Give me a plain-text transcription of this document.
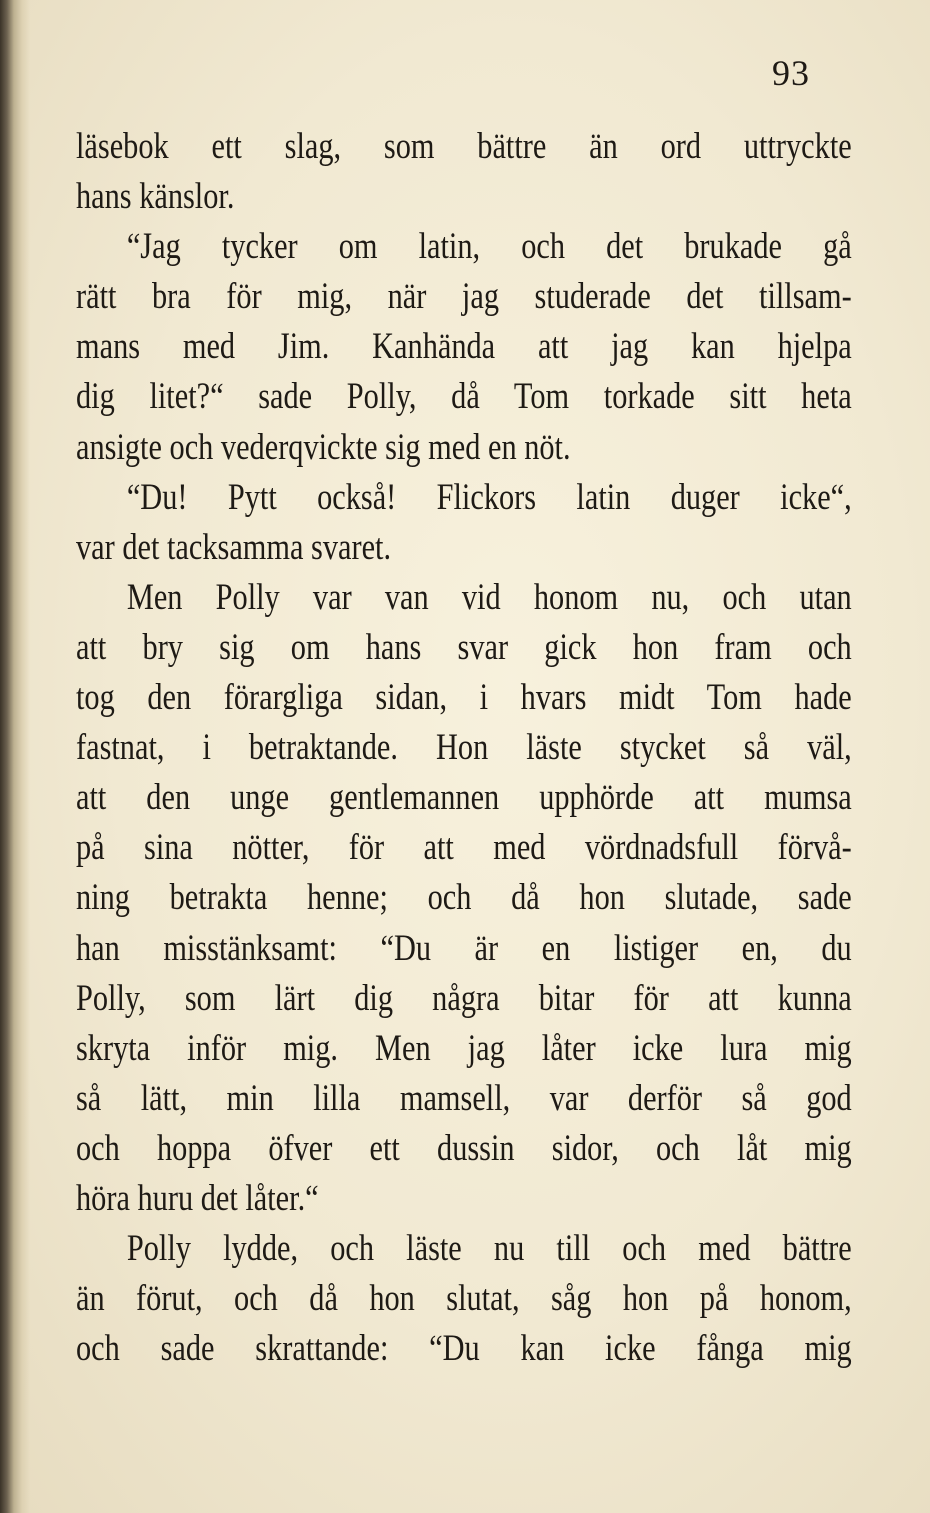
93
läsebok ett slag, som bättre än ord uttryckte
hans känslor.
“Jag tycker om latin, och det brukade gå
rätt bra för mig, när jag studerade det tillsam-
mans med Jim. Kanhända att jag kan hjelpa
dig litet?“ sade Polly, då Tom torkade sitt heta
ansigte och vederqvickte sig med en nöt.
“Du! Pytt också! Flickors latin duger icke“,
var det tacksamma svaret.
Men Polly var van vid honom nu, och utan
att bry sig om hans svar gick hon fram och
tog den förargliga sidan, i hvars midt Tom hade
fastnat, i betraktande. Hon läste stycket så väl,
att den unge gentlemannen upphörde att mumsa
på sina nötter, för att med vördnadsfull förvå-
ning betrakta henne; och då hon slutade, sade
han misstänksamt: “Du är en listiger en, du
Polly, som lärt dig några bitar för att kunna
skryta inför mig. Men jag låter icke lura mig
så lätt, min lilla mamsell, var derför så god
och hoppa öfver ett dussin sidor, och låt mig
höra huru det låter.“
Polly lydde, och läste nu till och med bättre
än förut, och då hon slutat, såg hon på honom,
och sade skrattande: “Du kan icke fånga mig
